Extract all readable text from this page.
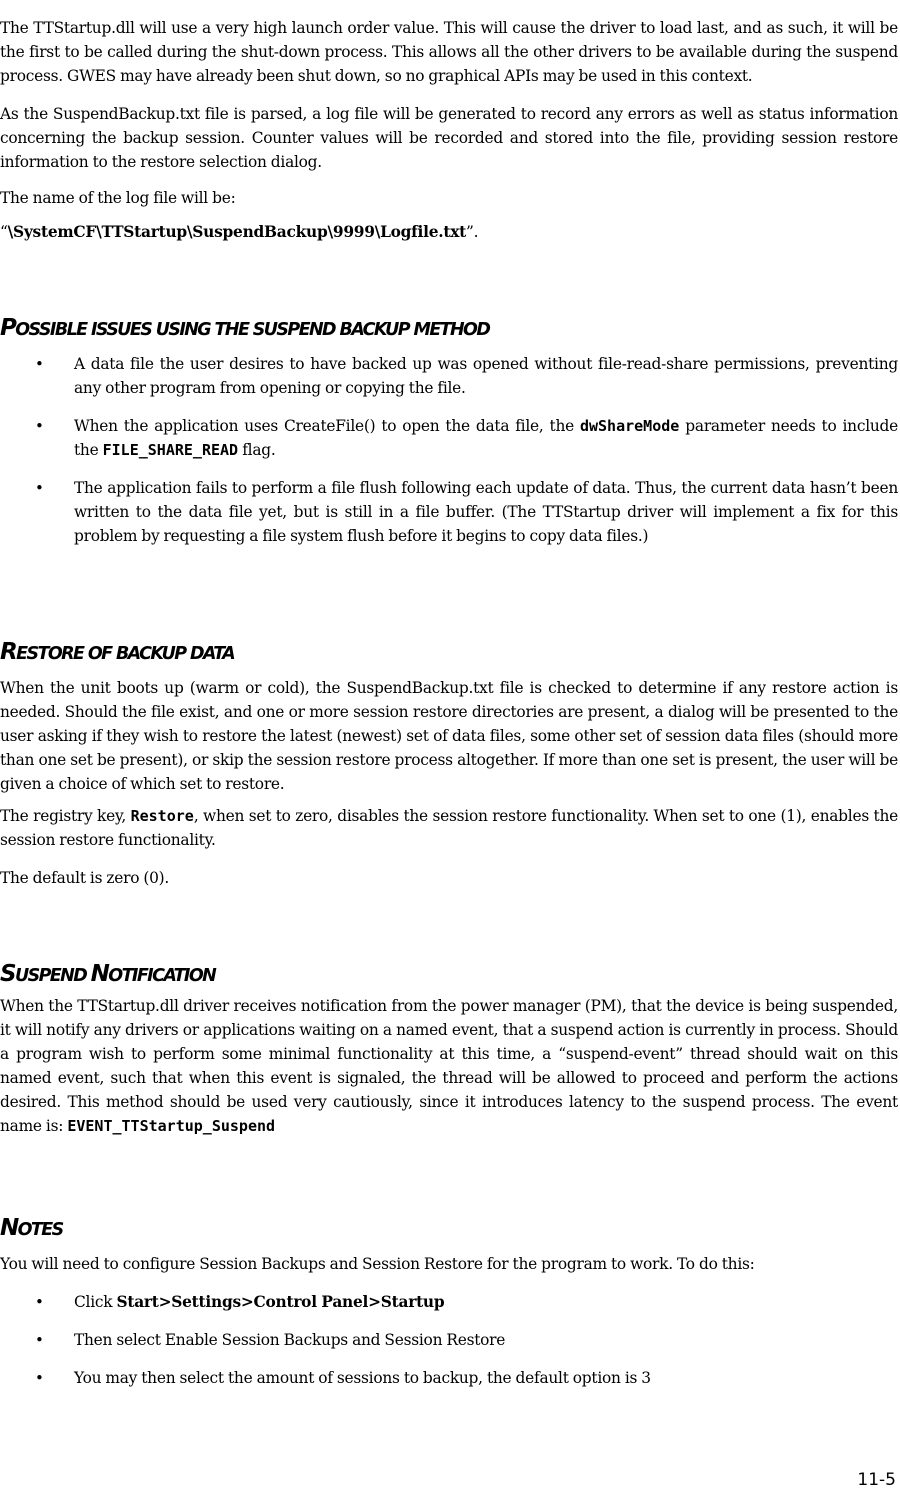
The TTStartup.dll will use a very high launch order value. This will cause the driver to load last, and as such, it will be the first to be called during the shut-down process. This allows all the other drivers to be available during the suspend process. GWES may have already been shut down, so no graphical APIs may be used in this context.

As the SuspendBackup.txt file is parsed, a log file will be generated to record any errors as well as status information concerning the backup session. Counter values will be recorded and stored into the file, providing session restore information to the restore selection dialog.

The name of the log file will be:

“\SystemCF\TTStartup\SuspendBackup\9999\Logfile.txt”.

POSSIBLE ISSUES USING THE SUSPEND BACKUP METHOD
• A data file the user desires to have backed up was opened without file-read-share permissions, preventing any other program from opening or copying the file.

• When the application uses CreateFile() to open the data file, the dwShareMode parameter needs to include the FILE_SHARE_READ flag.

• The application fails to perform a file flush following each update of data. Thus, the current data hasn’t been written to the data file yet, but is still in a file buffer. (The TTStartup driver will implement a fix for this problem by requesting a file system flush before it begins to copy data files.)

RESTORE OF BACKUP DATA

When the unit boots up (warm or cold), the SuspendBackup.txt file is checked to determine if any restore action is needed. Should the file exist, and one or more session restore directories are present, a dialog will be presented to the user asking if they wish to restore the latest (newest) set of data files, some other set of session data files (should more than one set be present), or skip the session restore process altogether. If more than one set is present, the user will be given a choice of which set to restore.

The registry key, Restore, when set to zero, disables the session restore functionality. When set to one (1), enables the session restore functionality.

The default is zero (0).

SUSPEND NOTIFICATION

When the TTStartup.dll driver receives notification from the power manager (PM), that the device is being suspended, it will notify any drivers or applications waiting on a named event, that a suspend action is currently in process. Should a program wish to perform some minimal functionality at this time, a “suspend-event” thread should wait on this named event, such that when this event is signaled, the thread will be allowed to proceed and perform the actions desired. This method should be used very cautiously, since it introduces latency to the suspend process. The event name is: EVENT_TTStartup_Suspend

NOTES

You will need to configure Session Backups and Session Restore for the program to work. To do this:

• Click Start>Settings>Control Panel>Startup

• Then select Enable Session Backups and Session Restore

• You may then select the amount of sessions to backup, the default option is 3

11-5
